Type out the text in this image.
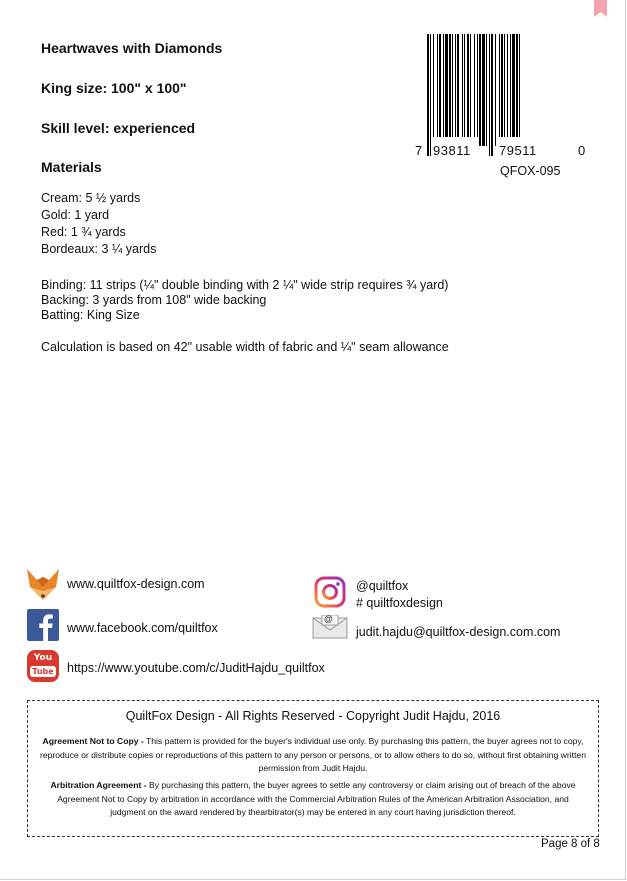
Heartwaves with Diamonds
King size: 100" x 100"
Skill level: experienced
Materials
Cream: 5 ½ yards
Gold: 1 yard
Red: 1 ¾ yards
Bordeaux: 3 ¼ yards
Binding: 11 strips (¼" double binding with 2 ¼" wide strip requires ¾ yard)
Backing: 3 yards from 108" wide backing
Batting: King Size
Calculation is based on 42" usable width of fabric and ¼" seam allowance
7 93811 79511	0
QFOX-095
www.quiltfox-design.com
www.facebook.com/quiltfox
You
Tube https://www.youtube.com/c/JuditHajdu_quiltfox
@quiltfox
# quiltfoxdesign
@
judit.hajdu@quiltfox-design.com.com
QuiltFox Design - All Rights Reserved - Copyright Judit Hajdu, 2016
Agreement Not to Copy - This pattern is provided for the buyer's individual use only. By purchasing this pattern, the buyer agrees not to copy, reproduce or distribute copies or reproductions of this pattern to any person or persons, or to allow others to do so, without first obtaining written permission from Judit Hajdu.
Arbitration Agreement - By purchasing this pattern, the buyer agrees to settle any controversy or claim arising out of breach of the above Agreement Not to Copy by arbitration in accordance with the Commercial Arbitration Rules of the American Arbitration Association, and judgment on the award rendered by thearbitrator(s) may be entered in any court having jurisdiction thereof.
Page 8 of 8
